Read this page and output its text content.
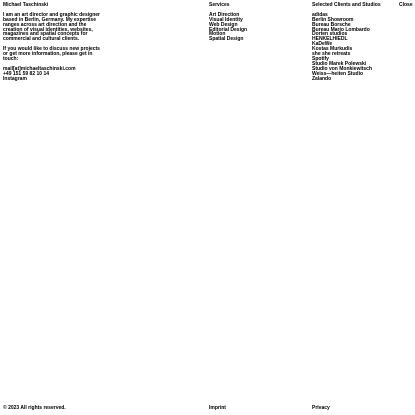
Michael Taschinski

I am an art director and graphic designer based in Berlin, Germany. My expertise ranges across art direction and the creation of visual identities, websites, magazines and spatial concepts for commercial and cultural clients.

If you would like to discuss new projects or get more information, please get in touch:

mail[at]michaeltaschinski.com
+49 151 59 82 10 14
Instagram

Services

Art Direction
Visual Identity
Web Design
Editorial Design
Motion
Spatial Design

Selected Clients and Studios

adidas
Berlin Showroom
Bureau Borsche
Bureau Mario Lombardo
Dorten studios
HENKELHIEDL
KaDeWe
Kostas Murkudis
she she retreats
Spotify
Studio Marek Polewski
Studio von Monkiewitsch
Weiss—heiten Studio
Zalando
Close

© 2023 All rights reserved.	Imprint	Privacy
